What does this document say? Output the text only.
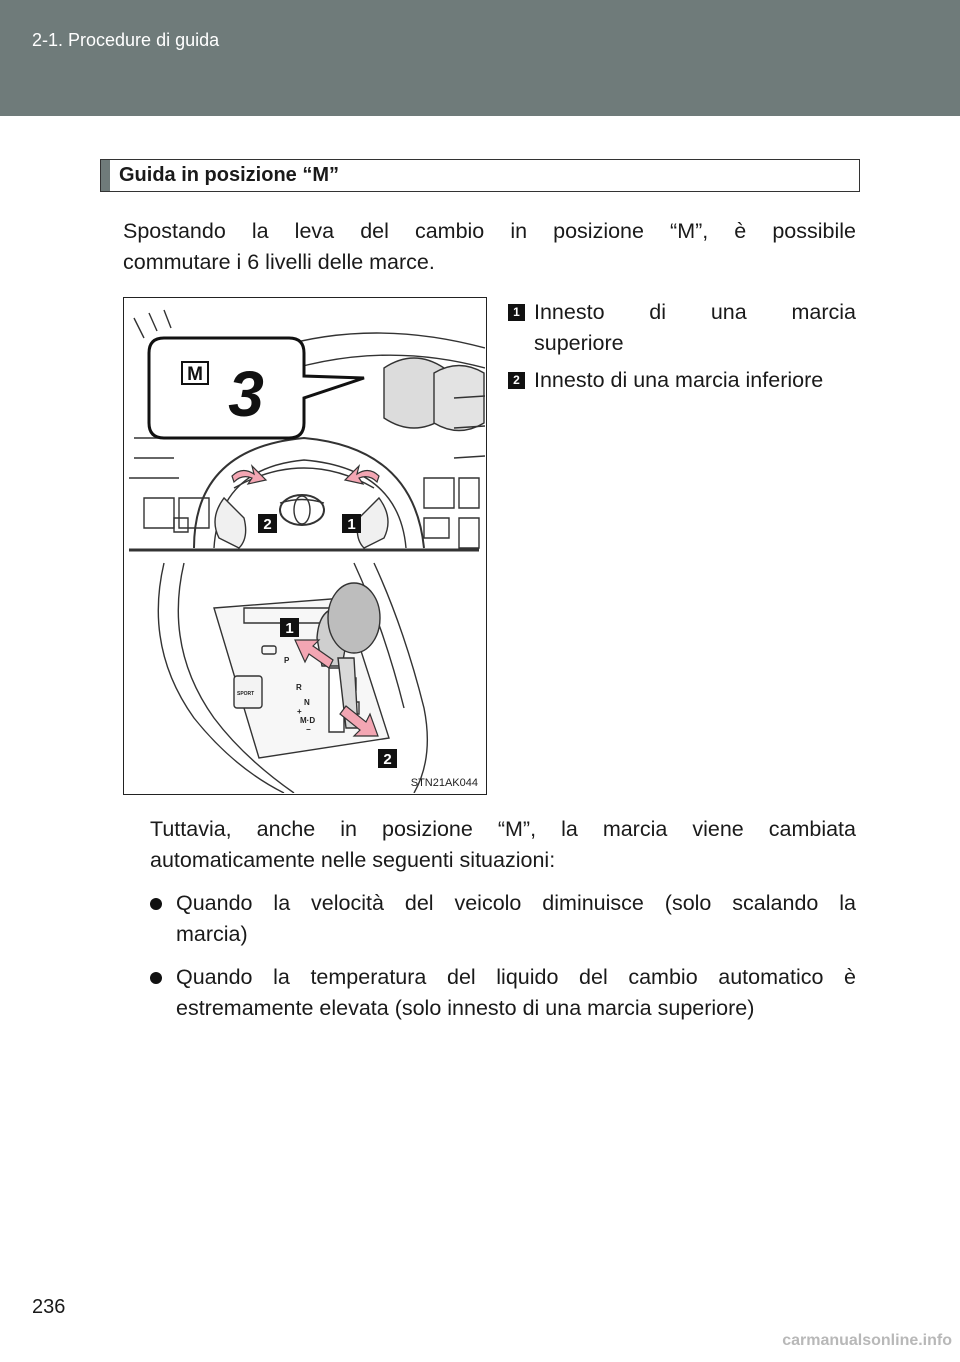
2-1. Procedure di guida
Guida in posizione “M”
Spostando la leva del cambio in posizione “M”, è possibile
commutare i 6 livelli delle marce.
M 3
2	1
1
2
P
R
N
+
M·D
−
SPORT
STN21AK044
1 Innesto di una marcia
superiore
2 Innesto di una marcia inferiore
Tuttavia, anche in posizione “M”, la marcia viene cambiata
automaticamente nelle seguenti situazioni:
Quando la velocità del veicolo diminuisce (solo scalando la
marcia)
Quando la temperatura del liquido del cambio automatico è
estremamente elevata (solo innesto di una marcia superiore)
236
carmanualsonline.info
